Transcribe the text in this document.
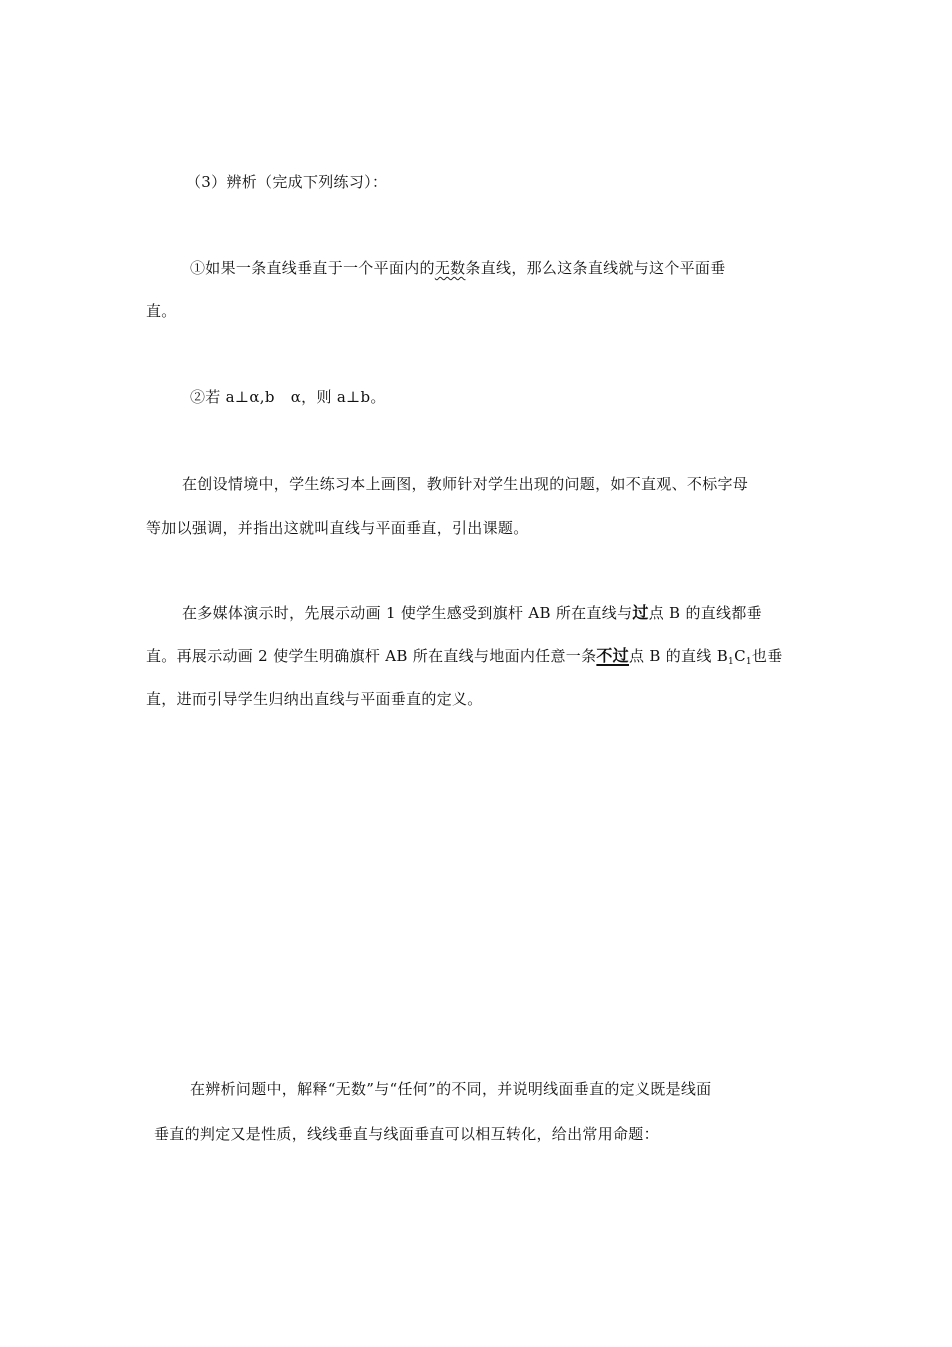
（3）辨析（完成下列练习）：
①如果一条直线垂直于一个平面内的无数条直线，那么这条直线就与这个平面垂
直。
②若 a⊥α,b α，则 a⊥b。
在创设情境中，学生练习本上画图，教师针对学生出现的问题，如不直观、不标字母
等加以强调，并指出这就叫直线与平面垂直，引出课题。
在多媒体演示时，先展示动画 1 使学生感受到旗杆 AB 所在直线与过点 B 的直线都垂
直。再展示动画 2 使学生明确旗杆 AB 所在直线与地面内任意一条不过点 B 的直线 $B_1C_1$也垂
直，进而引导学生归纳出直线与平面垂直的定义。
在辨析问题中，解释“无数”与“任何”的不同，并说明线面垂直的定义既是线面
垂直的判定又是性质，线线垂直与线面垂直可以相互转化，给出常用命题：
